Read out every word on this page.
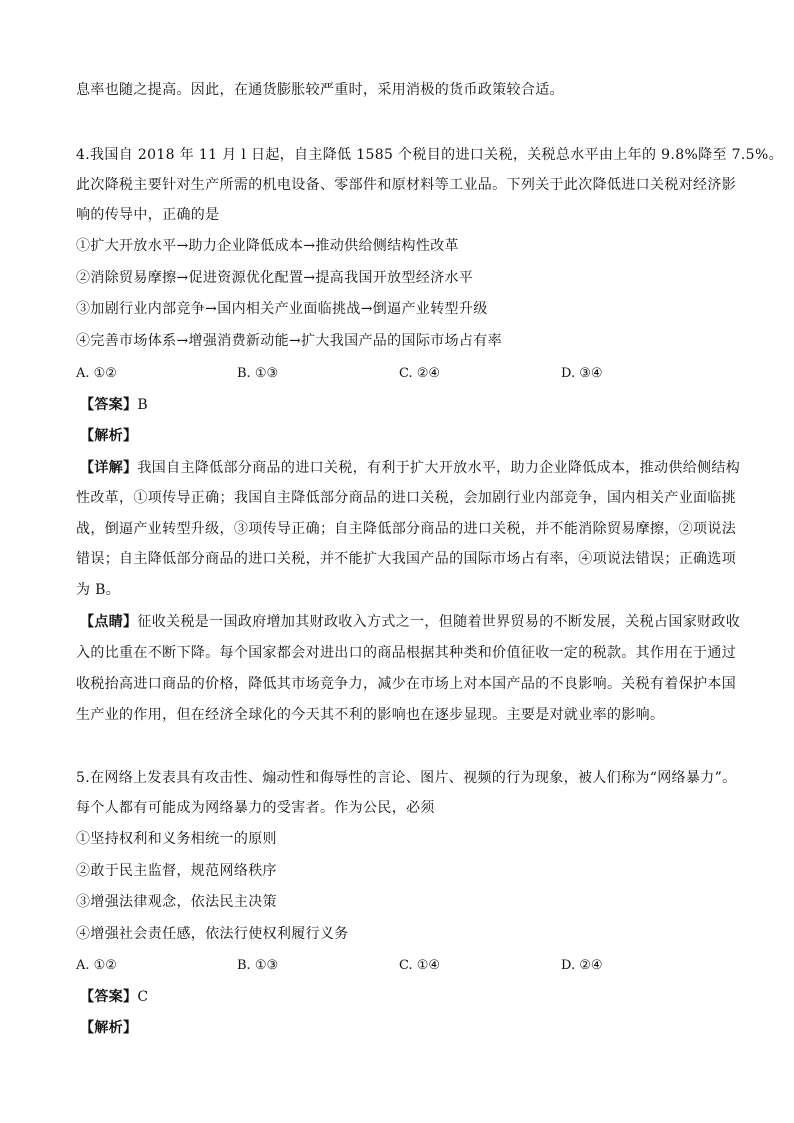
息率也随之提高。因此，在通货膨胀较严重时，采用消极的货币政策较合适。
4.我国自 2018 年 11 月 l 日起，自主降低 1585 个税目的进口关税，关税总水平由上年的 9.8%降至 7.5%。
此次降税主要针对生产所需的机电设备、零部件和原材料等工业品。下列关于此次降低进口关税对经济影
响的传导中，正确的是
①扩大开放水平→助力企业降低成本→推动供给侧结构性改革
②消除贸易摩擦→促进资源优化配置→提高我国开放型经济水平
③加剧行业内部竞争→国内相关产业面临挑战→倒逼产业转型升级
④完善市场体系→增强消费新动能→扩大我国产品的国际市场占有率
A. ①②	B. ①③	C. ②④	D. ③④
【答案】B
【解析】
【详解】我国自主降低部分商品的进口关税，有利于扩大开放水平，助力企业降低成本，推动供给侧结构
性改革，①项传导正确；我国自主降低部分商品的进口关税，会加剧行业内部竞争，国内相关产业面临挑
战，倒逼产业转型升级，③项传导正确；自主降低部分商品的进口关税，并不能消除贸易摩擦，②项说法
错误；自主降低部分商品的进口关税，并不能扩大我国产品的国际市场占有率，④项说法错误；正确选项
为 B。
【点睛】征收关税是一国政府增加其财政收入方式之一，但随着世界贸易的不断发展，关税占国家财政收
入的比重在不断下降。每个国家都会对进出口的商品根据其种类和价值征收一定的税款。其作用在于通过
收税抬高进口商品的价格，降低其市场竞争力，减少在市场上对本国产品的不良影响。关税有着保护本国
生产业的作用，但在经济全球化的今天其不利的影响也在逐步显现。主要是对就业率的影响。
5.在网络上发表具有攻击性、煽动性和侮辱性的言论、图片、视频的行为现象，被人们称为“网络暴力”。
每个人都有可能成为网络暴力的受害者。作为公民，必须
①坚持权利和义务相统一的原则
②敢于民主监督，规范网络秩序
③增强法律观念，依法民主决策
④增强社会责任感，依法行使权利履行义务
A. ①②	B. ①③	C. ①④	D. ②④
【答案】C
【解析】
